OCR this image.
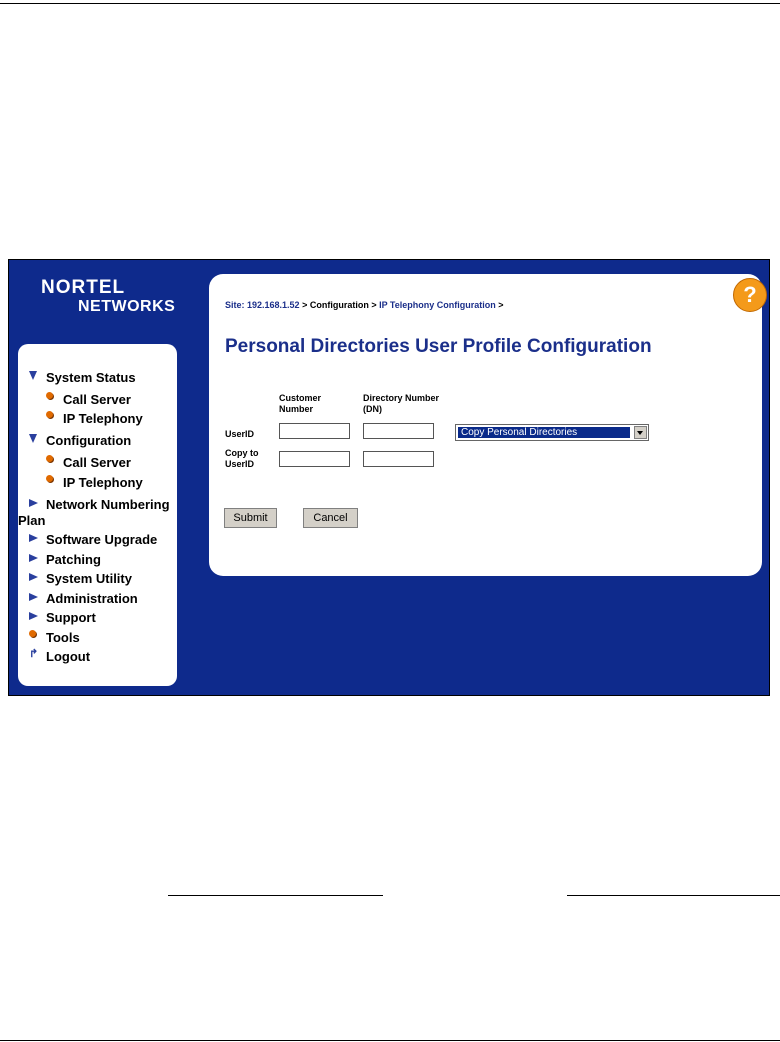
NORTEL
NETWORKS
System Status
Call Server
IP Telephony
Configuration
Call Server
IP Telephony
Network Numbering
Plan
Software Upgrade
Patching
System Utility
Administration
Support
Tools
↱ Logout
Site: 192.168.1.52 > Configuration > IP Telephony Configuration >
Personal Directories User Profile Configuration
Customer
Number
Directory Number
(DN)
UserID
Copy to
UserID
Copy Personal Directories
Submit	Cancel
?
